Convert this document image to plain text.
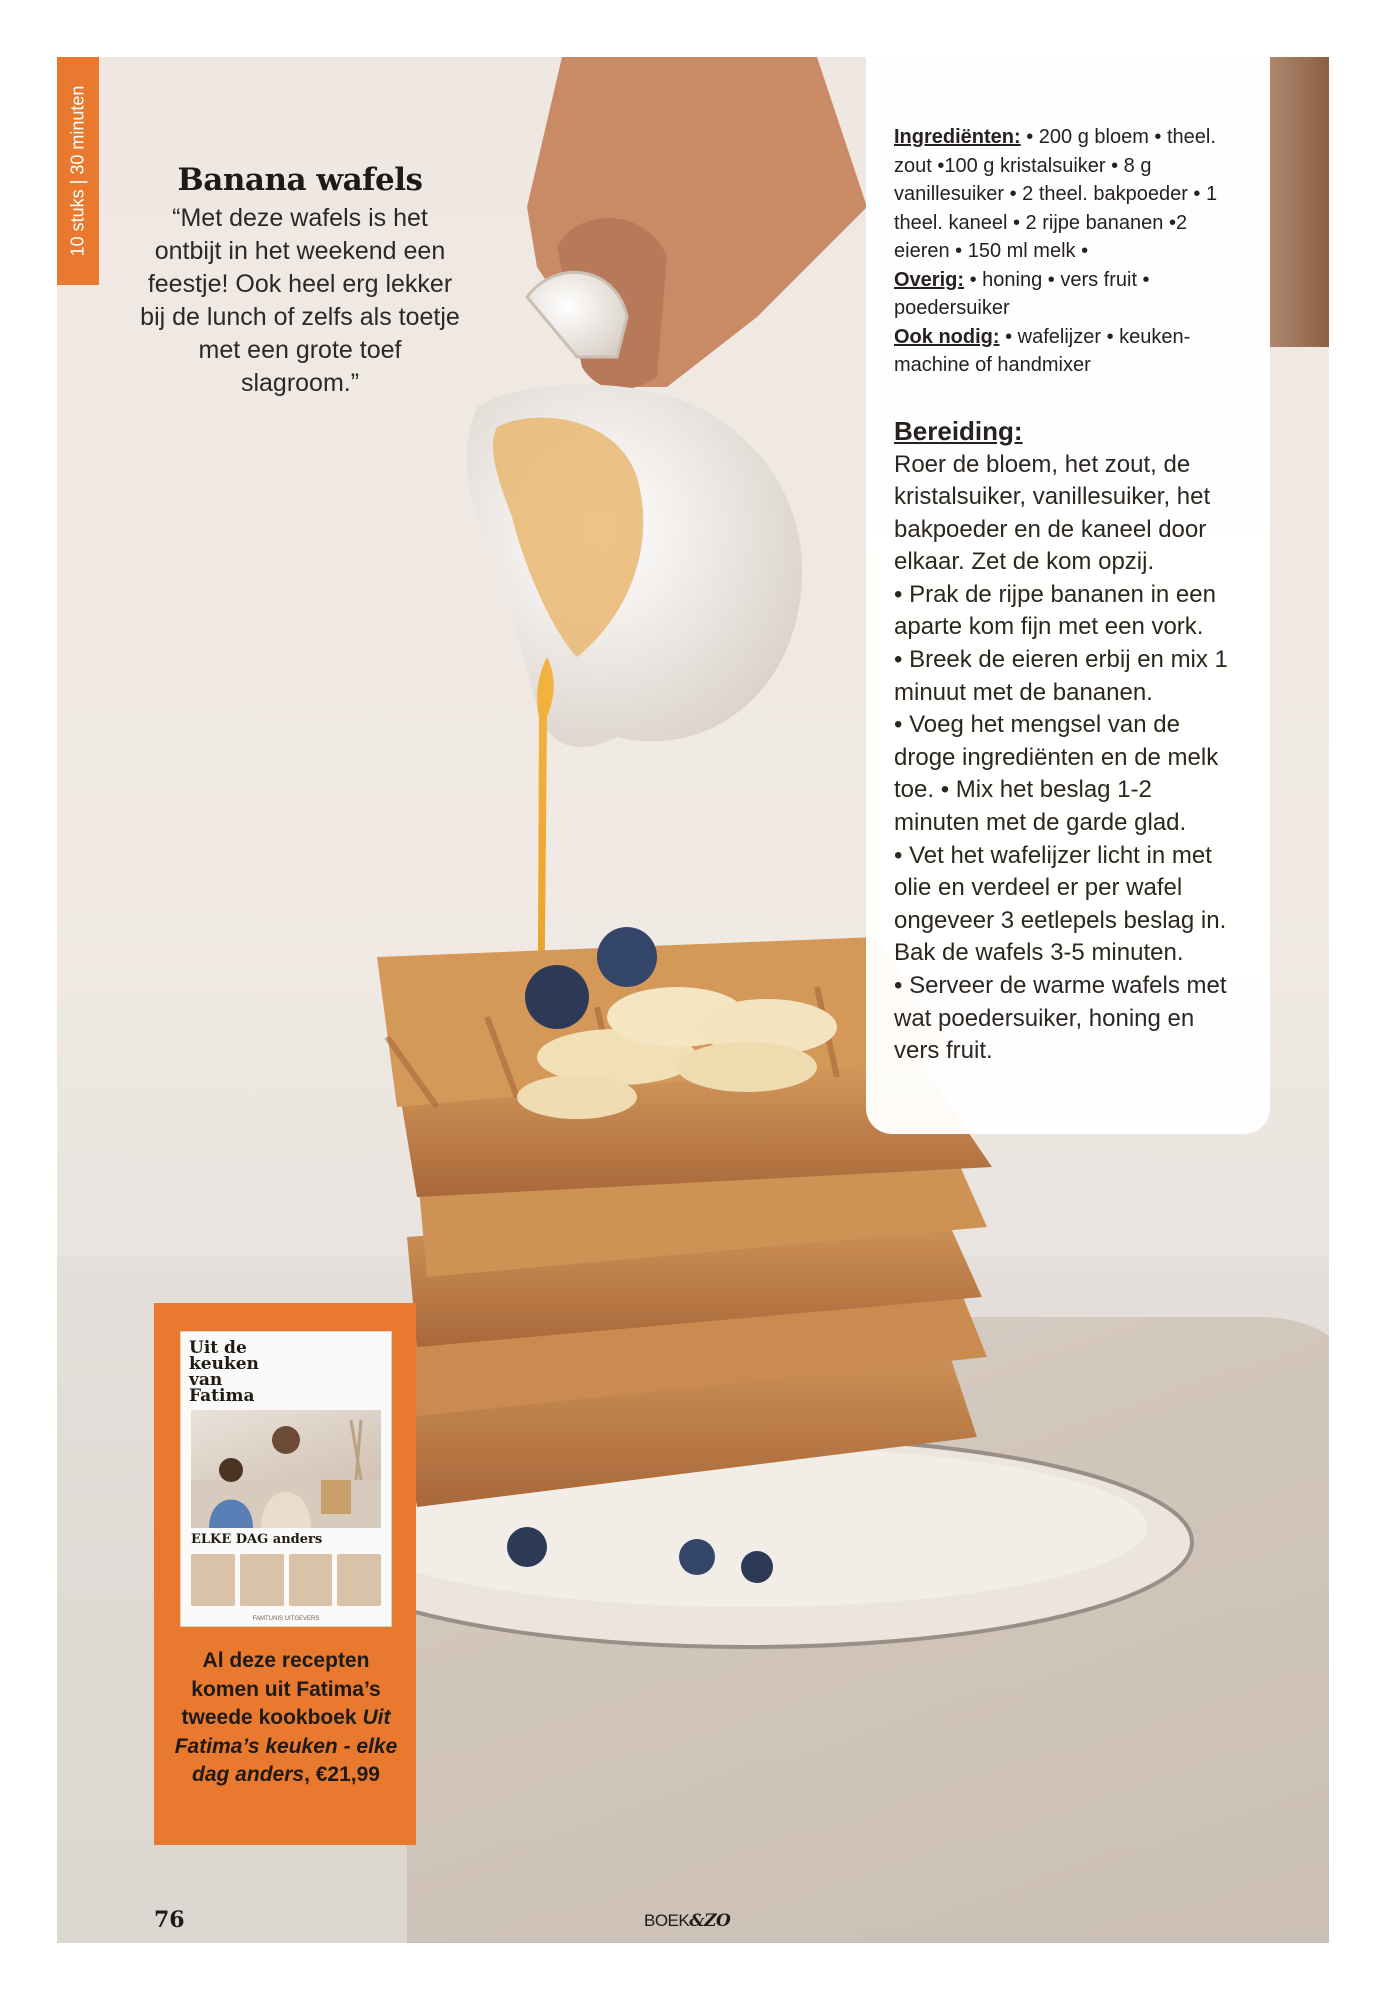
10 stuks | 30 minuten	Banana wafels
“Met deze wafels is het ontbijt in het weekend een feestje! Ook heel erg lekker bij de lunch of zelfs als toetje met een grote toef slagroom.”
Ingrediënten: • 200 g bloem • theel. zout •100 g kristalsuiker • 8 g vanillesuiker • 2 theel. bakpoeder • 1 theel. kaneel • 2 rijpe bananen •2 eieren • 150 ml melk •
Overig: • honing • vers fruit • poedersuiker
Ook nodig: • wafelijzer • keukenmachine of handmixer
Bereiding:
Roer de bloem, het zout, de kristalsuiker, vanillesuiker, het bakpoeder en de kaneel door elkaar. Zet de kom opzij.
• Prak de rijpe bananen in een aparte kom fijn met een vork.
• Breek de eieren erbij en mix 1 minuut met de bananen.
• Voeg het mengsel van de droge ingrediënten en de melk toe. • Mix het beslag 1-2 minuten met de garde glad.
• Vet het wafelijzer licht in met olie en verdeel er per wafel ongeveer 3 eetlepels beslag in. Bak de wafels 3-5 minuten.
• Serveer de warme wafels met wat poedersuiker, honing en vers fruit.
Uit de keuken van Fatima
ELKE DAG anders
FAMTUNIS UITGEVERS
Al deze recepten komen uit Fatima’s tweede kookboek Uit Fatima’s keuken - elke dag anders, €21,99
76	BOEK&ZO
